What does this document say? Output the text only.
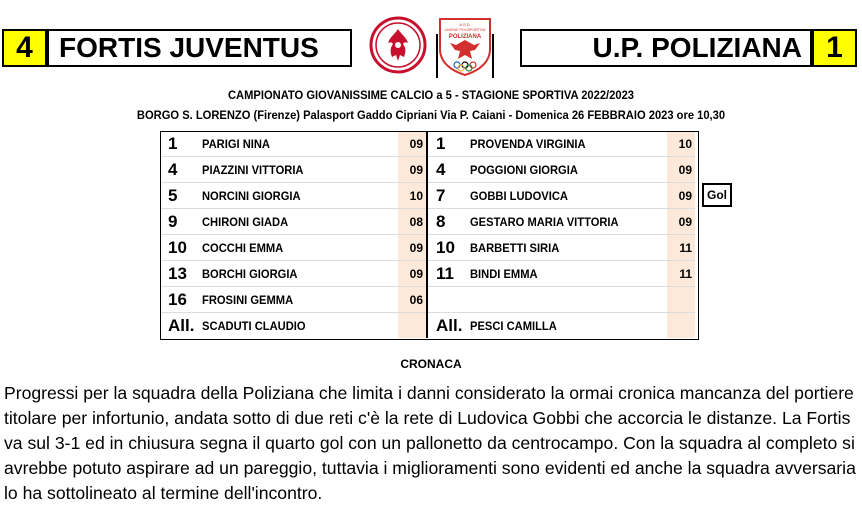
4 FORTIS JUVENTUS
A.S.D.
UNIONE POLISPORTIVA
POLIZIANA	U.P. POLIZIANA 1
CAMPIONATO GIOVANISSIME CALCIO a 5 - STAGIONE SPORTIVA 2022/2023
BORGO S. LORENZO (Firenze) Palasport Gaddo Cipriani Via P. Caiani - Domenica 26 FEBBRAIO 2023 ore 10,30
1	PARIGI NINA	09	1	PROVENDA VIRGINIA	10
4	PIAZZINI VITTORIA	09	4	POGGIONI GIORGIA	09
5	NORCINI GIORGIA	10	7	GOBBI LUDOVICA	09
9	CHIRONI GIADA	08	8	GESTARO MARIA VITTORIA	09
10	COCCHI EMMA	09	10	BARBETTI SIRIA	11
13	BORCHI GIORGIA	09	11	BINDI EMMA	11
16	FROSINI GEMMA	06			
All.	SCADUTI CLAUDIO		All.	PESCI CAMILLA	
Gol
CRONACA
Progressi per la squadra della Poliziana che limita i danni considerato la ormai cronica mancanza del portiere titolare per infortunio, andata sotto di due reti c'è la rete di Ludovica Gobbi che accorcia le distanze. La Fortis va sul 3-1 ed in chiusura segna il quarto gol con un pallonetto da centrocampo. Con la squadra al completo si avrebbe potuto aspirare ad un pareggio, tuttavia i miglioramenti sono evidenti ed anche la squadra avversaria lo ha sottolineato al termine dell'incontro.
